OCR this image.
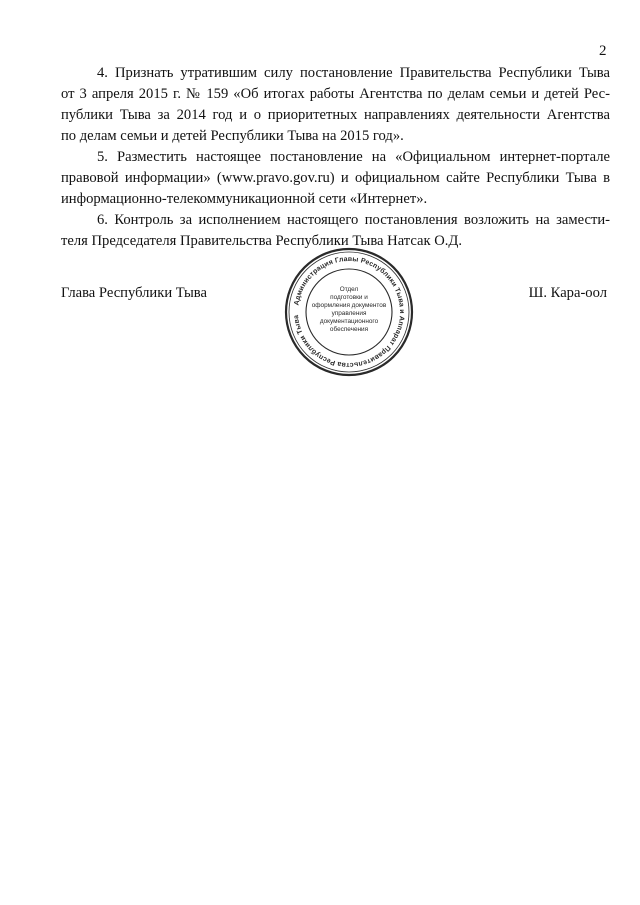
2

4. Признать утратившим силу постановление Правительства Республики Тыва
от 3 апреля 2015 г. № 159 «Об итогах работы Агентства по делам семьи и детей Рес-
публики Тыва за 2014 год и о приоритетных направлениях деятельности Агентства
по делам семьи и детей Республики Тыва на 2015 год».

5. Разместить настоящее постановление на «Официальном интернет-портале
правовой информации» (www.pravo.gov.ru) и официальном сайте Республики Тыва в
информационно-телекоммуникационной сети «Интернет».

6. Контроль за исполнением настоящего постановления возложить на замести-
теля Председателя Правительства Республики Тыва Натсак О.Д.

Глава Республики Тыва	Ш. Кара-оол
Администрация Главы Республики Тыва и Аппарат Правительства Республики Тыва
Отдел
подготовки и
оформления документов
управления
документационного
обеспечения
